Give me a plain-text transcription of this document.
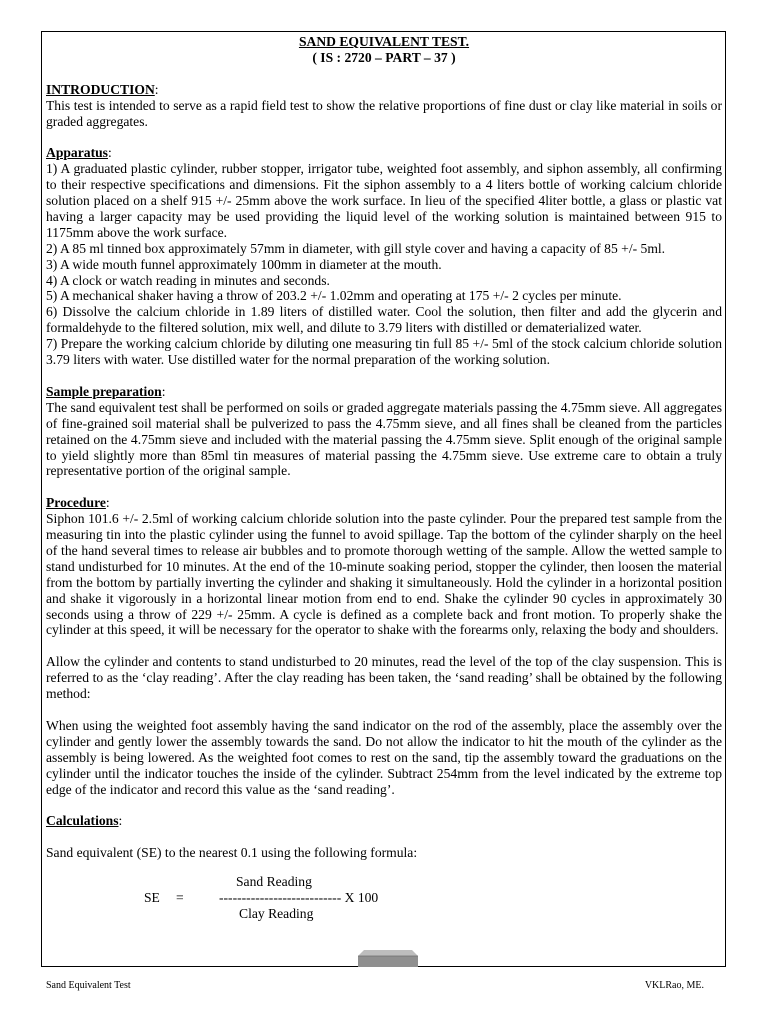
SAND EQUIVALENT TEST.
( IS : 2720 – PART – 37 )
INTRODUCTION:

This test is intended to serve as a rapid field test to show the relative proportions of fine dust or clay like material in soils or graded aggregates.

Apparatus:

1) A graduated plastic cylinder, rubber stopper, irrigator tube, weighted foot assembly, and siphon assembly, all confirming to their respective specifications and dimensions. Fit the siphon assembly to a 4 liters bottle of working calcium chloride solution placed on a shelf 915 +/- 25mm above the work surface. In lieu of the specified 4liter bottle, a glass or plastic vat having a larger capacity may be used providing the liquid level of the working solution is maintained between 915 to 1175mm above the work surface.

2) A 85 ml tinned box approximately 57mm in diameter, with gill style cover and having a capacity of 85 +/- 5ml.

3) A wide mouth funnel approximately 100mm in diameter at the mouth.

4) A clock or watch reading in minutes and seconds.

5) A mechanical shaker having a throw of 203.2 +/- 1.02mm and operating at 175 +/- 2 cycles per minute.

6) Dissolve the calcium chloride in 1.89 liters of distilled water. Cool the solution, then filter and add the glycerin and formaldehyde to the filtered solution, mix well, and dilute to 3.79 liters with distilled or dematerialized water.

7) Prepare the working calcium chloride by diluting one measuring tin full 85 +/- 5ml of the stock calcium chloride solution 3.79 liters with water. Use distilled water for the normal preparation of the working solution.

Sample preparation:

The sand equivalent test shall be performed on soils or graded aggregate materials passing the 4.75mm sieve. All aggregates of fine-grained soil material shall be pulverized to pass the 4.75mm sieve, and all fines shall be cleaned from the particles retained on the 4.75mm sieve and included with the material passing the 4.75mm sieve. Split enough of the original sample to yield slightly more than 85ml tin measures of material passing the 4.75mm sieve. Use extreme care to obtain a truly representative portion of the original sample.

Procedure:

Siphon 101.6 +/- 2.5ml of working calcium chloride solution into the paste cylinder. Pour the prepared test sample from the measuring tin into the plastic cylinder using the funnel to avoid spillage. Tap the bottom of the cylinder sharply on the heel of the hand several times to release air bubbles and to promote thorough wetting of the sample. Allow the wetted sample to stand undisturbed for 10 minutes. At the end of the 10-minute soaking period, stopper the cylinder, then loosen the material from the bottom by partially inverting the cylinder and shaking it simultaneously. Hold the cylinder in a horizontal position and shake it vigorously in a horizontal linear motion from end to end. Shake the cylinder 90 cycles in approximately 30 seconds using a throw of 229 +/- 25mm. A cycle is defined as a complete back and front motion. To properly shake the cylinder at this speed, it will be necessary for the operator to shake with the forearms only, relaxing the body and shoulders.

Allow the cylinder and contents to stand undisturbed to 20 minutes, read the level of the top of the clay suspension. This is referred to as the ‘clay reading’. After the clay reading has been taken, the ‘sand reading’ shall be obtained by the following method:

When using the weighted foot assembly having the sand indicator on the rod of the assembly, place the assembly over the cylinder and gently lower the assembly towards the sand. Do not allow the indicator to hit the mouth of the cylinder as the assembly is being lowered. As the weighted foot comes to rest on the sand, tip the assembly toward the graduations on the cylinder until the indicator touches the inside of the cylinder. Subtract 254mm from the level indicated by the extreme top edge of the indicator and record this value as the ‘sand reading’.

Calculations:

Sand equivalent (SE) to the nearest 0.1 using the following formula:

Sand Reading
SE =	--------------------------- X 100
Clay Reading
Sand Equivalent Test	VKLRao, ME.
